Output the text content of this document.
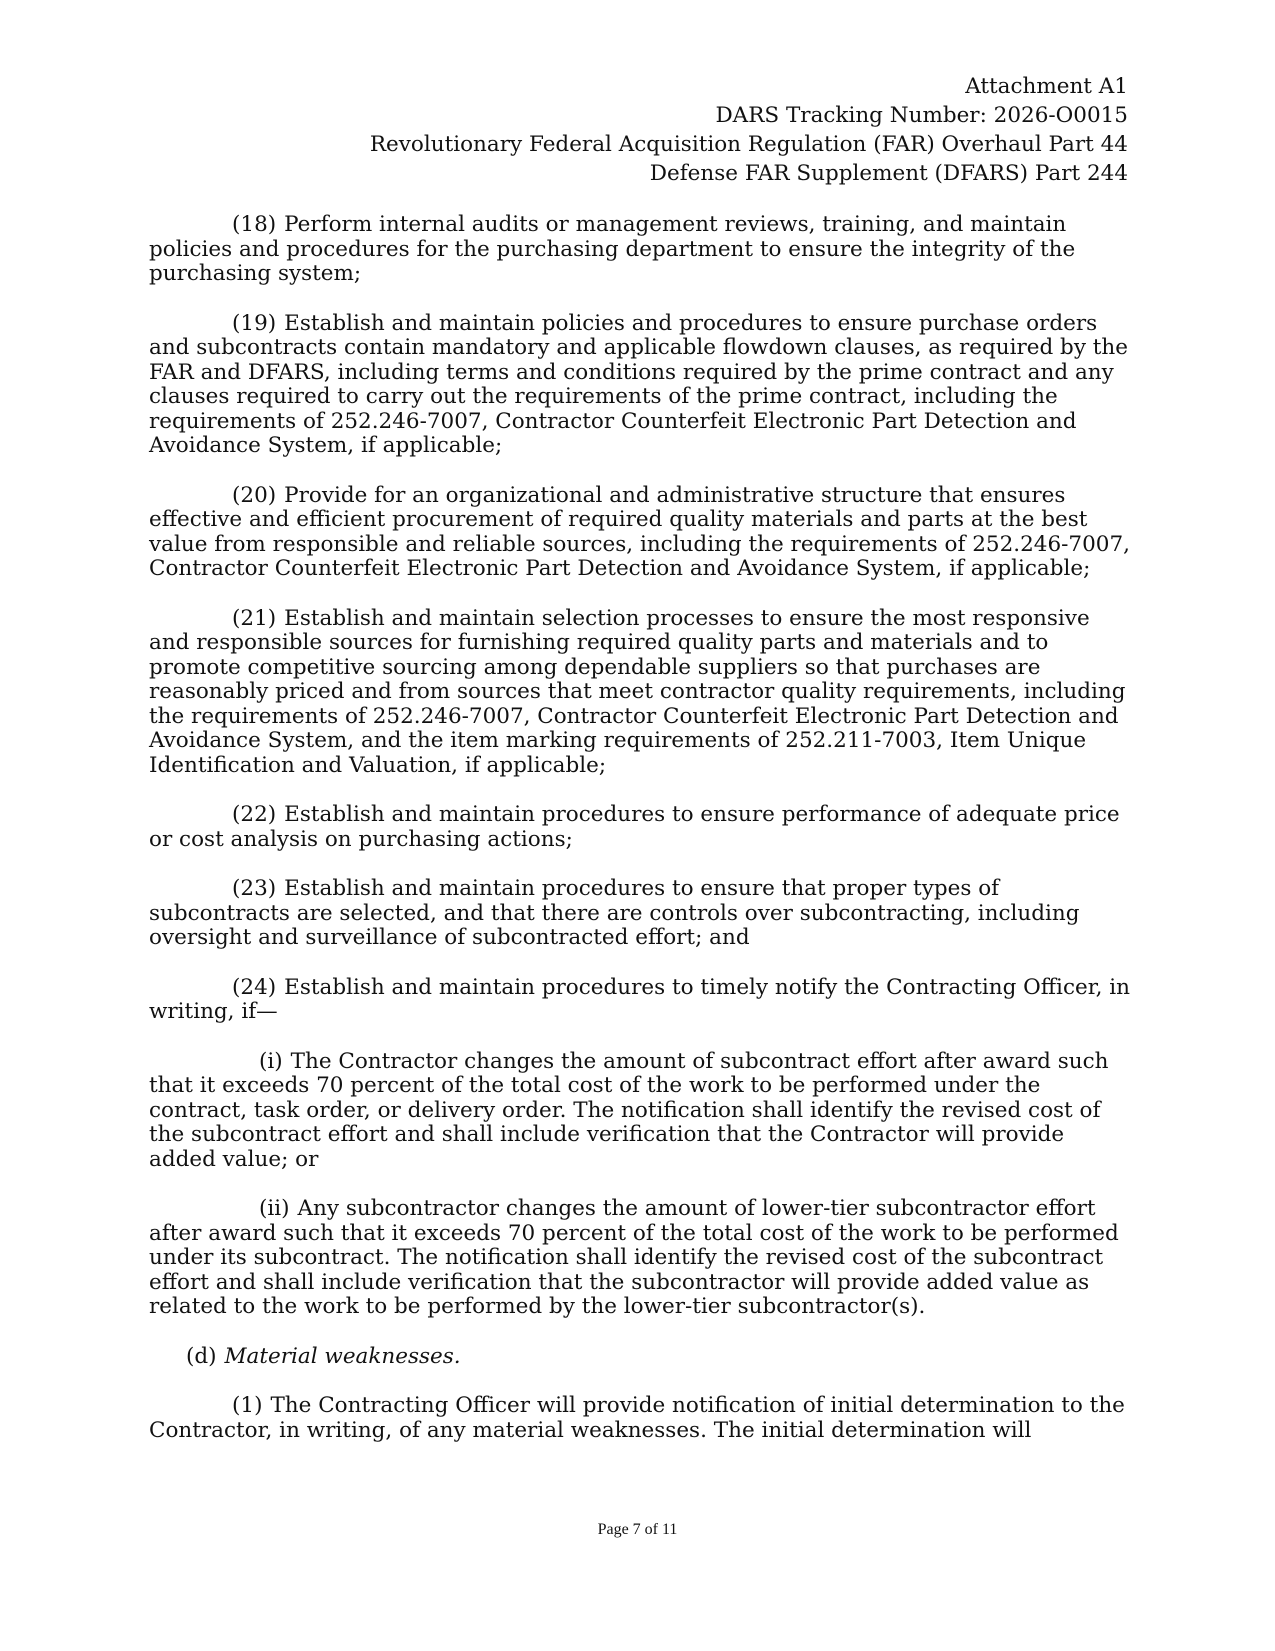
Attachment A1
DARS Tracking Number: 2026-O0015
Revolutionary Federal Acquisition Regulation (FAR) Overhaul Part 44
Defense FAR Supplement (DFARS) Part 244

(18) Perform internal audits or management reviews, training, and maintain policies and procedures for the purchasing department to ensure the integrity of the purchasing system;

(19) Establish and maintain policies and procedures to ensure purchase orders and subcontracts contain mandatory and applicable flowdown clauses, as required by the FAR and DFARS, including terms and conditions required by the prime contract and any clauses required to carry out the requirements of the prime contract, including the requirements of 252.246-7007, Contractor Counterfeit Electronic Part Detection and Avoidance System, if applicable;

(20) Provide for an organizational and administrative structure that ensures effective and efficient procurement of required quality materials and parts at the best value from responsible and reliable sources, including the requirements of 252.246-7007, Contractor Counterfeit Electronic Part Detection and Avoidance System, if applicable;

(21) Establish and maintain selection processes to ensure the most responsive and responsible sources for furnishing required quality parts and materials and to promote competitive sourcing among dependable suppliers so that purchases are reasonably priced and from sources that meet contractor quality requirements, including the requirements of 252.246-7007, Contractor Counterfeit Electronic Part Detection and Avoidance System, and the item marking requirements of 252.211-7003, Item Unique Identification and Valuation, if applicable;

(22) Establish and maintain procedures to ensure performance of adequate price or cost analysis on purchasing actions;

(23) Establish and maintain procedures to ensure that proper types of subcontracts are selected, and that there are controls over subcontracting, including oversight and surveillance of subcontracted effort; and

(24) Establish and maintain procedures to timely notify the Contracting Officer, in writing, if—

(i) The Contractor changes the amount of subcontract effort after award such that it exceeds 70 percent of the total cost of the work to be performed under the contract, task order, or delivery order. The notification shall identify the revised cost of the subcontract effort and shall include verification that the Contractor will provide added value; or

(ii) Any subcontractor changes the amount of lower-tier subcontractor effort after award such that it exceeds 70 percent of the total cost of the work to be performed under its subcontract. The notification shall identify the revised cost of the subcontract effort and shall include verification that the subcontractor will provide added value as related to the work to be performed by the lower-tier subcontractor(s).

(d) Material weaknesses.

(1) The Contracting Officer will provide notification of initial determination to the Contractor, in writing, of any material weaknesses. The initial determination will

Page 7 of 11
